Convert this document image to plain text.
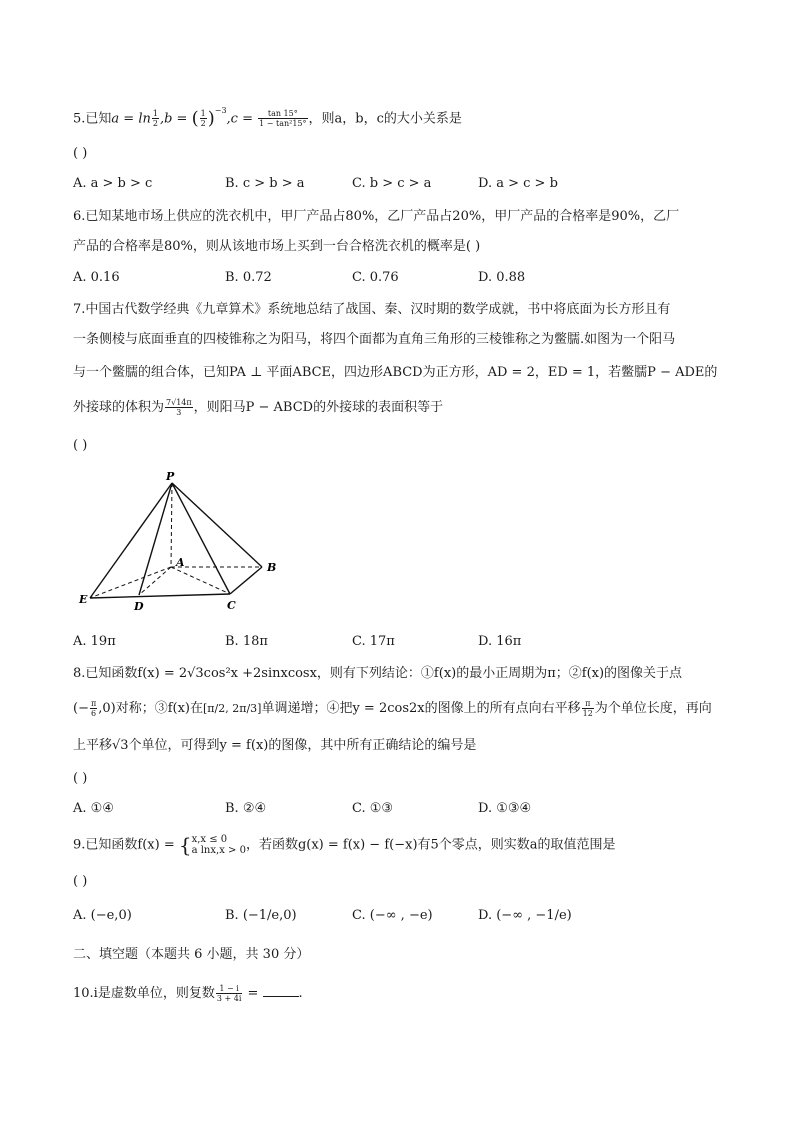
5.已知$a = \ln \frac{1}{2} ,b$ = ( $\frac{1}{2} )^{-3},c = \frac{\tan 15^\circ}{\text{1 − tan²15°}}$ ，则a，b，c的大小关系是
( )
A. a > b > c	B. c > b > a	C. b > c > a	D. a > c > b
6.已知某地市场上供应的洗衣机中，甲厂产品占80%，乙厂产品占20%，甲厂产品的合格率是90%，乙厂
产品的合格率是80%，则从该地市场上买到一台合格洗衣机的概率是( )
A. 0.16	B. 0.72	C. 0.76	D. 0.88
7.中国古代数学经典《九章算术》系统地总结了战国、秦、汉时期的数学成就，书中将底面为长方形且有
一条侧棱与底面垂直的四棱锥称之为阳马，将四个面都为直角三角形的三棱锥称之为鳖臑.如图为一个阳马
与一个鳖臑的组合体，已知PA ⊥ 平面ABCE，四边形ABCD为正方形，AD = 2，ED = 1，若鳖臑P − ADE的
外接球的体积为 $\frac{7√14\pi}{3}$ ，则阳马P − ABCD的外接球的表面积等于
( )
P
A	B
C
D
E
A. 19π	B. 18π	C. 17π	D. 16π
8.已知函数f(x) = 2√3cos²x +2sinxcosx，则有下列结论：①f(x)的最小正周期为π；②f(x)的图像关于点
(− $\frac{\pi}{6} ,0$)对称；③f(x)在[π/2, 2π/3]单调递增；④把y = 2cos2x的图像上的所有点向右平移 $\frac{\pi}{12}$ 为个单位长度，再向
上平移√3个单位，可得到y = f(x)的图像，其中所有正确结论的编号是
( )
A. ①④	B. ②④	C. ①③	D. ①③④
9.已知函数f(x) = { x,x ≤ 0
a lnx,x > 0 ，若函数g(x) = f(x) − f(−x)有5个零点，则实数a的取值范围是
( )
A. (−e,0)	B. (−1/e,0)	C. (−∞ , −e)	D. (−∞ , −1/e)
二、填空题（本题共 6 小题，共 30 分）
10.i是虚数单位，则复数 $\frac{1 - i}{3 + 4i}$ =	.
